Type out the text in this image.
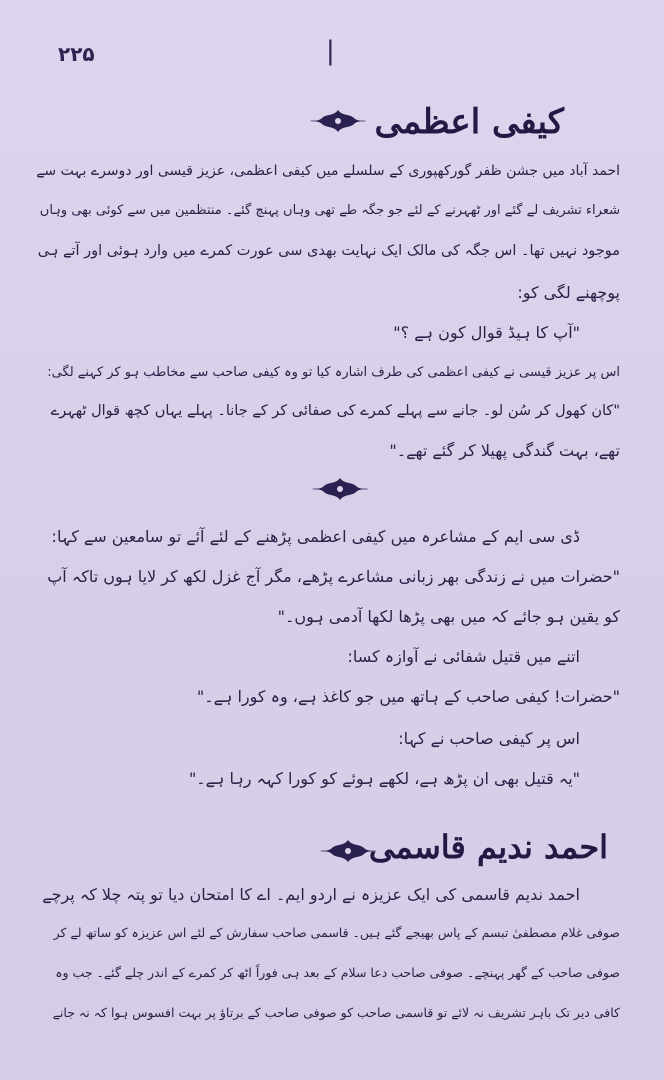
۲۲۵	|
کیفی اعظمی
احمد آباد میں جشن ظفر گورکھپوری کے سلسلے میں کیفی اعظمی، عزیز قیسی اور دوسرے بہت سے
شعراء تشریف لے گئے اور ٹھہرنے کے لئے جو جگہ طے تھی وہاں پہنچ گئے۔ منتظمین میں سے کوئی بھی وہاں
موجود نہیں تھا۔ اس جگہ کی مالک ایک نہایت بھدی سی عورت کمرے میں وارد ہوئی اور آتے ہی
پوچھنے لگی کو:
"آپ کا ہیڈ قوال کون ہے ؟"
اس پر عزیز قیسی نے کیفی اعظمی کی طرف اشارہ کیا تو وہ کیفی صاحب سے مخاطب ہو کر کہنے لگی:
"کان کھول کر سُن لو۔ جانے سے پہلے کمرے کی صفائی کر کے جانا۔ پہلے یہاں کچھ قوال ٹھہرے
تھے، بہت گندگی پھیلا کر گئے تھے۔"
ڈی سی ایم کے مشاعرہ میں کیفی اعظمی پڑھنے کے لئے آئے تو سامعین سے کہا:
"حضرات میں نے زندگی بھر زبانی مشاعرے پڑھے، مگر آج غزل لکھ کر لایا ہوں تاکہ آپ
کو یقین ہو جائے کہ میں بھی پڑھا لکھا آدمی ہوں۔"
اتنے میں قتیل شفائی نے آوازہ کسا:
"حضرات! کیفی صاحب کے ہاتھ میں جو کاغذ ہے، وہ کورا ہے۔"
اس پر کیفی صاحب نے کہا:
"یہ قتیل بھی ان پڑھ ہے، لکھے ہوئے کو کورا کہہ رہا ہے۔"
احمد ندیم قاسمی
احمد ندیم قاسمی کی ایک عزیزہ نے اردو ایم۔ اے کا امتحان دیا تو پتہ چلا کہ پرچے
صوفی غلام مصطفیٰ تبسم کے پاس بھیجے گئے ہیں۔ قاسمی صاحب سفارش کے لئے اس عزیزہ کو ساتھ لے کر
صوفی صاحب کے گھر پہنچے۔ صوفی صاحب دعا سلام کے بعد ہی فوراً اٹھ کر کمرے کے اندر چلے گئے۔ جب وہ
کافی دیر تک باہر تشریف نہ لائے تو قاسمی صاحب کو صوفی صاحب کے برتاؤ پر بہت افسوس ہوا کہ نہ جانے
